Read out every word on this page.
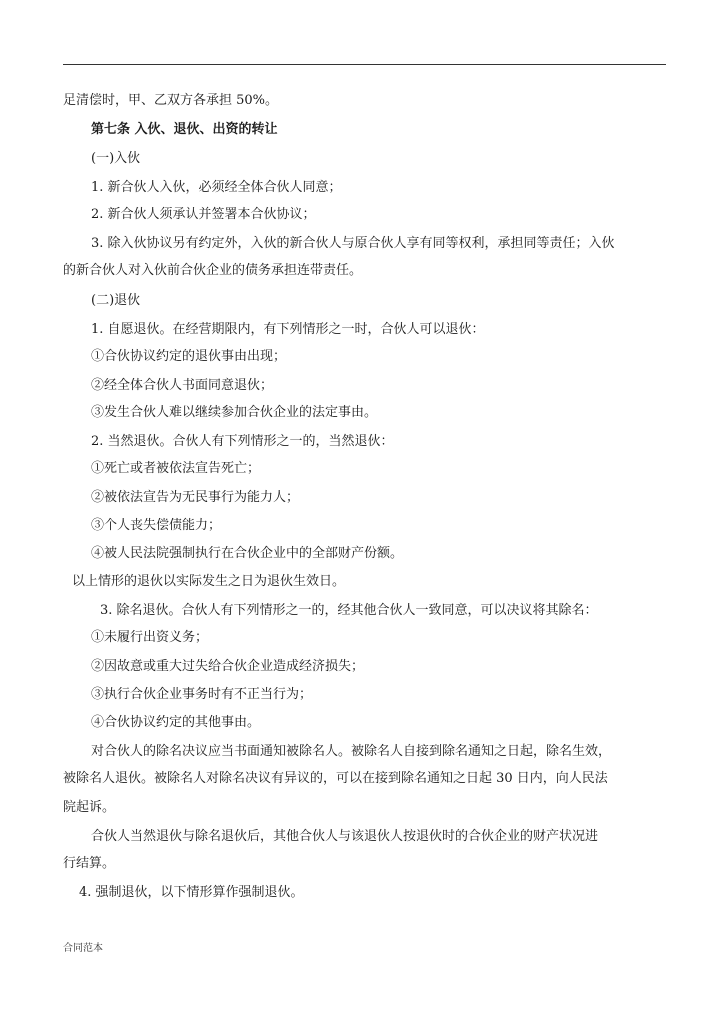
足清偿时，甲、乙双方各承担 50%。

第七条 入伙、退伙、出资的转让

(一)入伙

1. 新合伙人入伙，必须经全体合伙人同意；

2. 新合伙人须承认并签署本合伙协议；

3. 除入伙协议另有约定外，入伙的新合伙人与原合伙人享有同等权利，承担同等责任；入伙

的新合伙人对入伙前合伙企业的债务承担连带责任。

(二)退伙

1. 自愿退伙。在经营期限内，有下列情形之一时，合伙人可以退伙：

①合伙协议约定的退伙事由出现；

②经全体合伙人书面同意退伙；

③发生合伙人难以继续参加合伙企业的法定事由。

2. 当然退伙。合伙人有下列情形之一的，当然退伙：

①死亡或者被依法宣告死亡；

②被依法宣告为无民事行为能力人；

③个人丧失偿债能力；

④被人民法院强制执行在合伙企业中的全部财产份额。

以上情形的退伙以实际发生之日为退伙生效日。

3. 除名退伙。合伙人有下列情形之一的，经其他合伙人一致同意，可以决议将其除名：

①未履行出资义务；

②因故意或重大过失给合伙企业造成经济损失；

③执行合伙企业事务时有不正当行为；

④合伙协议约定的其他事由。

对合伙人的除名决议应当书面通知被除名人。被除名人自接到除名通知之日起，除名生效，

被除名人退伙。被除名人对除名决议有异议的，可以在接到除名通知之日起 30 日内，向人民法

院起诉。

合伙人当然退伙与除名退伙后，其他合伙人与该退伙人按退伙时的合伙企业的财产状况进

行结算。

4. 强制退伙，以下情形算作强制退伙。

合同范本
